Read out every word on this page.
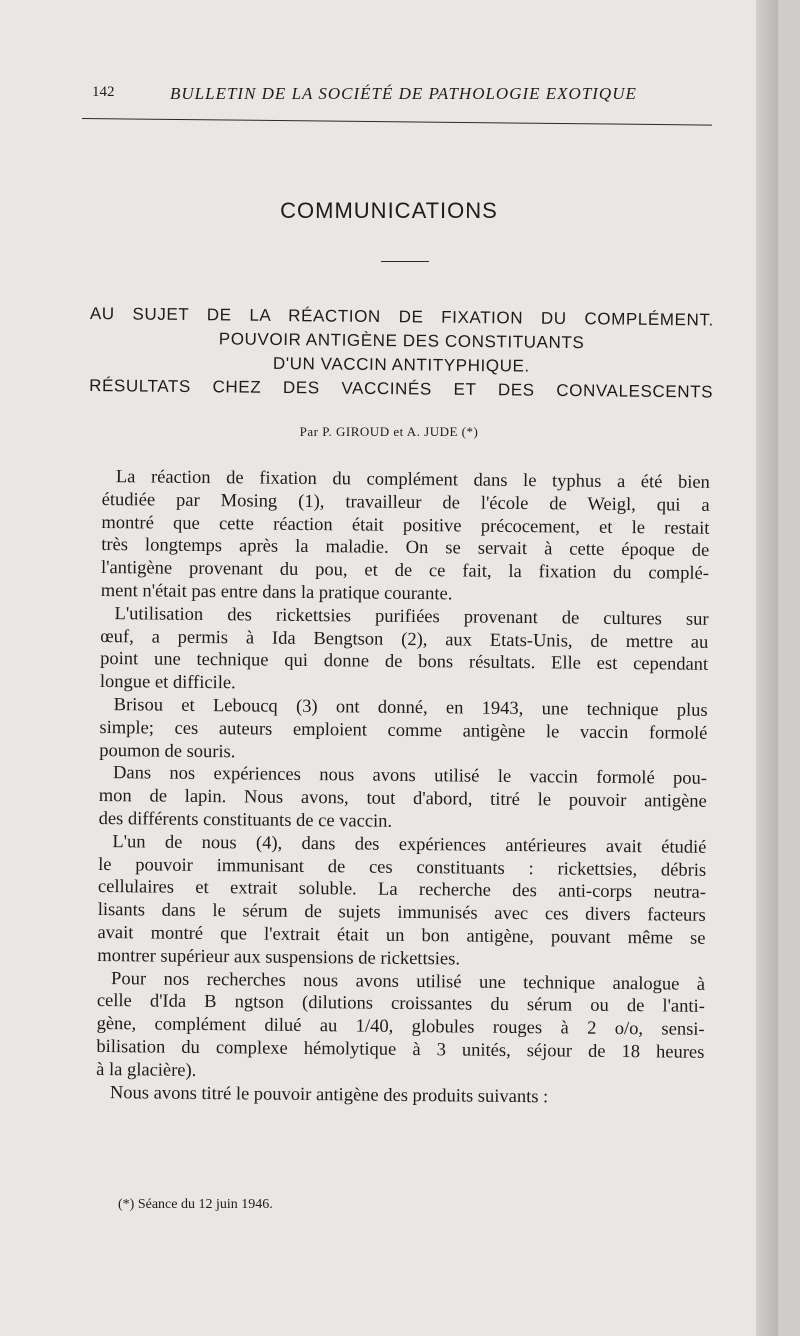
142	BULLETIN DE LA SOCIÉTÉ DE PATHOLOGIE EXOTIQUE
COMMUNICATIONS
AU SUJET DE LA RÉACTION DE FIXATION DU COMPLÉMENT.
POUVOIR ANTIGÈNE DES CONSTITUANTS
D'UN VACCIN ANTITYPHIQUE.
RÉSULTATS CHEZ DES VACCINÉS ET DES CONVALESCENTS
Par P. GIROUD et A. JUDE (*)
La réaction de fixation du complément dans le typhus a été bien
étudiée par Mosing (1), travailleur de l'école de Weigl, qui a
montré que cette réaction était positive précocement, et le restait
très longtemps après la maladie. On se servait à cette époque de
l'antigène provenant du pou, et de ce fait, la fixation du complé-
ment n'était pas entre dans la pratique courante.
L'utilisation des rickettsies purifiées provenant de cultures sur
œuf, a permis à Ida Bengtson (2), aux Etats-Unis, de mettre au
point une technique qui donne de bons résultats. Elle est cependant
longue et difficile.
Brisou et Leboucq (3) ont donné, en 1943, une technique plus
simple; ces auteurs emploient comme antigène le vaccin formolé
poumon de souris.
Dans nos expériences nous avons utilisé le vaccin formolé pou-
mon de lapin. Nous avons, tout d'abord, titré le pouvoir antigène
des différents constituants de ce vaccin.
L'un de nous (4), dans des expériences antérieures avait étudié
le pouvoir immunisant de ces constituants : rickettsies, débris
cellulaires et extrait soluble. La recherche des anti-corps neutra-
lisants dans le sérum de sujets immunisés avec ces divers facteurs
avait montré que l'extrait était un bon antigène, pouvant même se
montrer supérieur aux suspensions de rickettsies.
Pour nos recherches nous avons utilisé une technique analogue à
celle d'Ida B ngtson (dilutions croissantes du sérum ou de l'anti-
gène, complément dilué au 1/40, globules rouges à 2 o/o, sensi-
bilisation du complexe hémolytique à 3 unités, séjour de 18 heures
à la glacière).
Nous avons titré le pouvoir antigène des produits suivants :
(*) Séance du 12 juin 1946.
